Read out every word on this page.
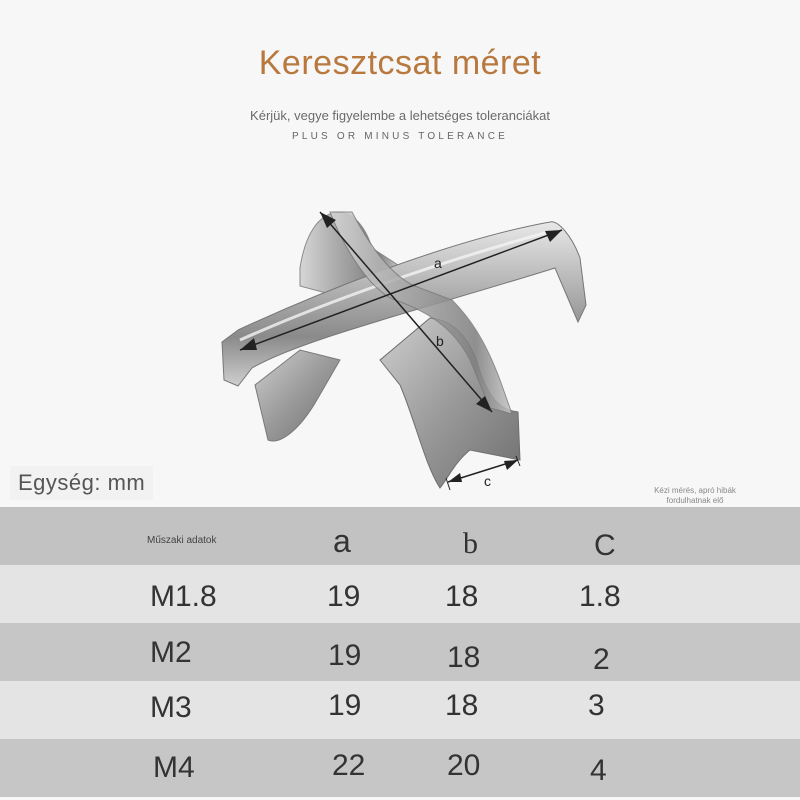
Keresztcsat méret
Kérjük, vegye figyelembe a lehetséges toleranciákat
PLUS OR MINUS TOLERANCE
a
b
c
Egység: mm	Kézi mérés, apró hibák fordulhatnak elő
Műszaki adatok	a	b	C
M1.8	19	18	1.8
M2	19	18	2
M3	19	18	3
M4	22	20	4
